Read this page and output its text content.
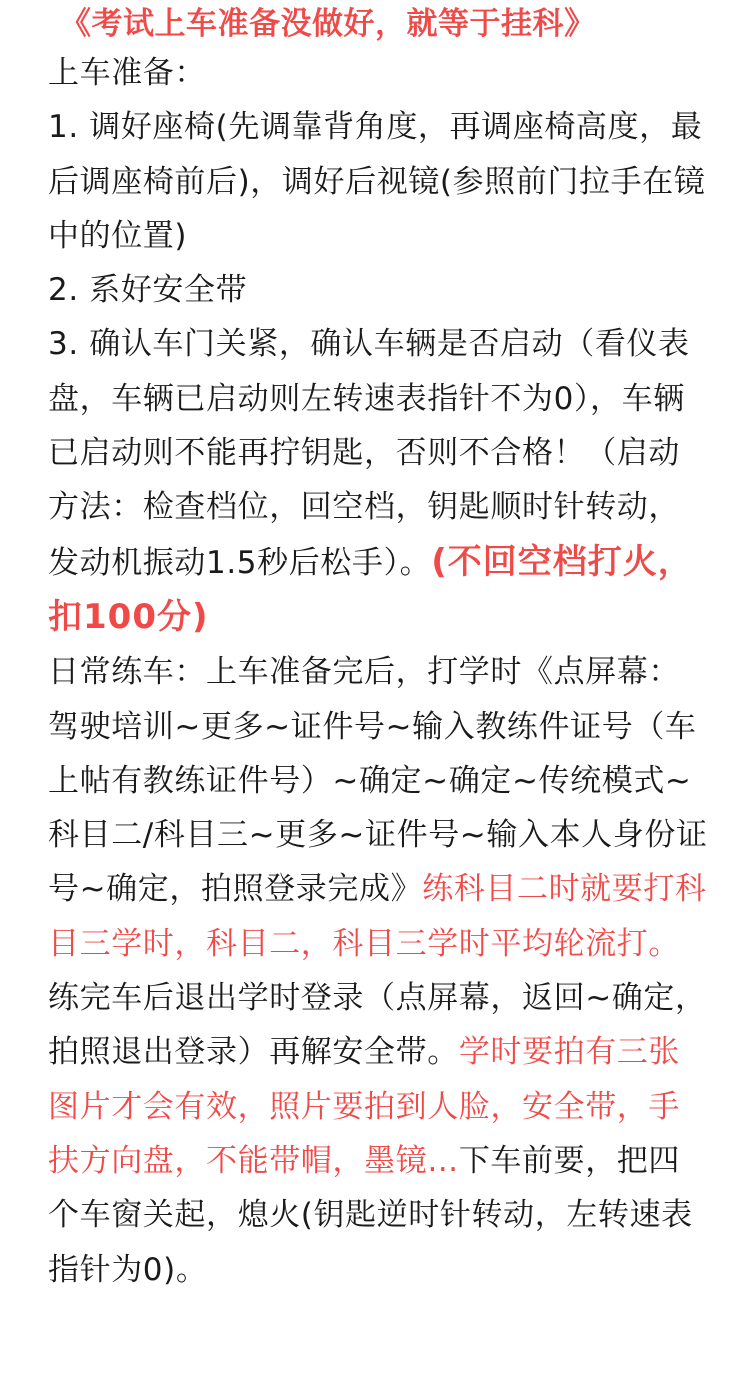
《考试上车准备没做好，就等于挂科》
上车准备：
1. 调好座椅(先调靠背角度，再调座椅高度，最后调座椅前后)，调好后视镜(参照前门拉手在镜中的位置)
2. 系好安全带
3. 确认车门关紧，确认车辆是否启动（看仪表盘，车辆已启动则左转速表指针不为0），车辆已启动则不能再拧钥匙，否则不合格！（启动方法：检查档位，回空档，钥匙顺时针转动，发动机振动1.5秒后松手）。(不回空档打火，扣100分)
日常练车：上车准备完后，打学时《点屏幕：驾驶培训~更多~证件号~输入教练件证号（车上帖有教练证件号）~确定~确定~传统模式~科目二/科目三~更多~证件号~输入本人身份证号~确定，拍照登录完成》练科目二时就要打科目三学时，科目二，科目三学时平均轮流打。练完车后退出学时登录（点屏幕，返回~确定，拍照退出登录）再解安全带。学时要拍有三张图片才会有效，照片要拍到人脸，安全带，手扶方向盘，不能带帽，墨镜…下车前要，把四个车窗关起，熄火(钥匙逆时针转动，左转速表指针为0)。
